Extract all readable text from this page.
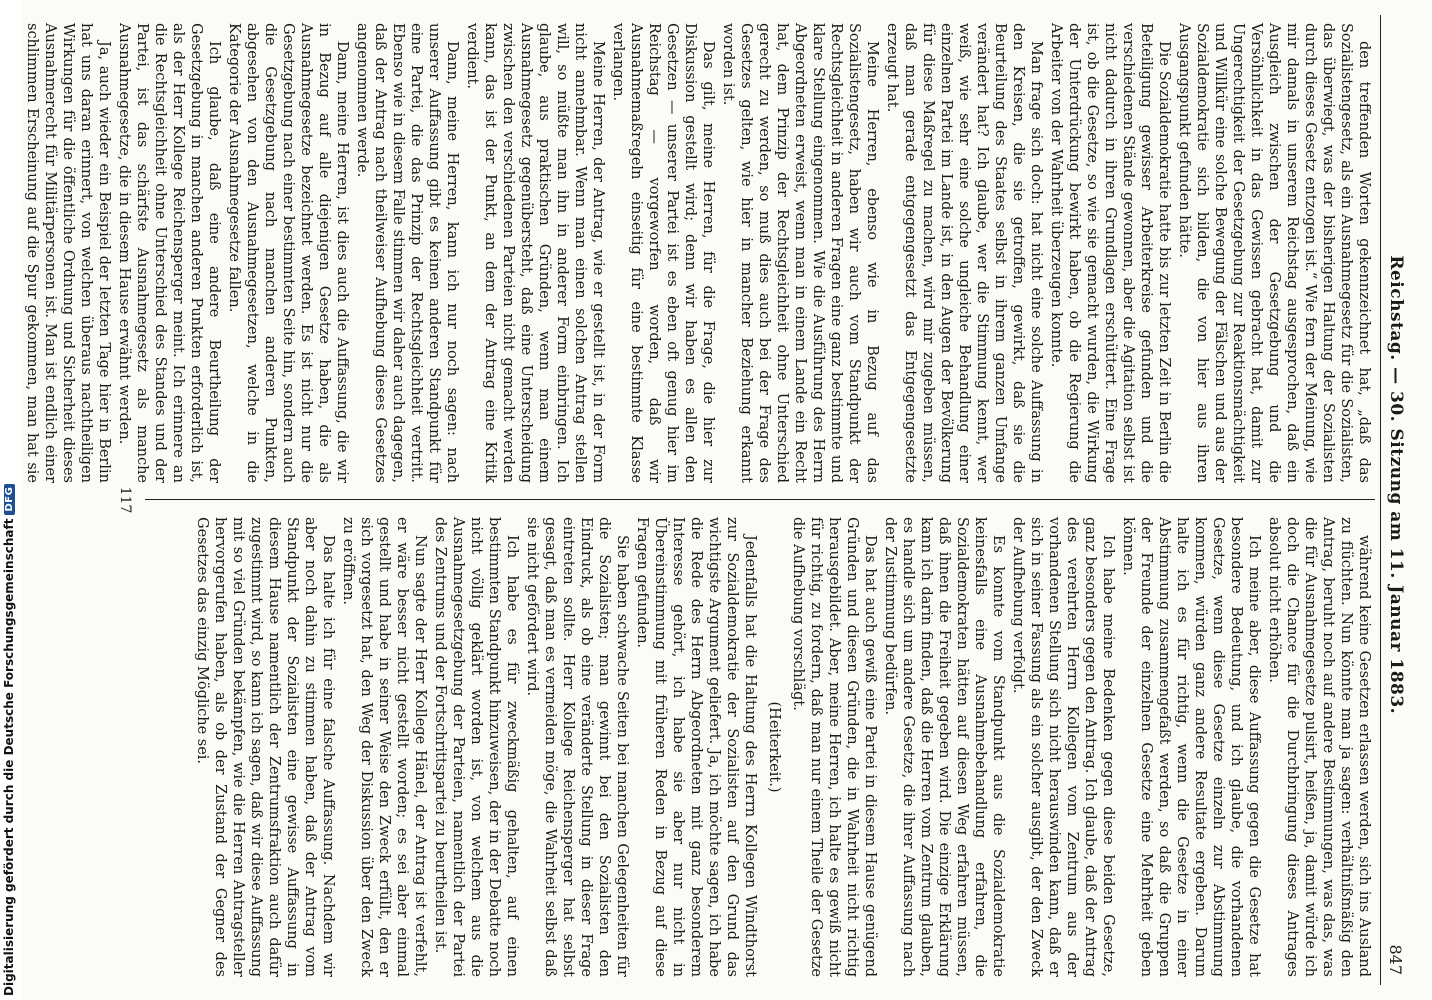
Reichstag. — 30. Sitzung am 11. Januar 1883.
847

den treffenden Worten gekennzeichnet hat, „daß das Sozialistengesetz, als ein Ausnahmegesetz für die Sozialisten, das überwiegt, was der bisherigen Haltung der Sozialisten durch dieses Gesetz entzogen ist.“ Wie fern der Meinung, wie mir damals in unserem Reichstag ausgesprochen, daß ein Ausgleich zwischen der Gesetzgebung und die Versöhnlichkeit in das Gewissen gebracht hat, damit zur Ungerechtigkeit der Gesetzgebung zur Reaktionsmächtigkeit und Willkür eine solche Bewegung der Fälschen und aus der Sozialdemokratie sich bilden, die von hier aus ihren Ausgangspunkt gefunden hätte.

Die Sozialdemokratie hatte bis zur letzten Zeit in Berlin die Beteiligung gewisser Arbeiterkreise gefunden und die verschiedenen Stände gewonnen, aber die Agitation selbst ist nicht dadurch in ihren Grundlagen erschüttert. Eine Frage ist, ob die Gesetze, so wie sie gemacht wurden, die Wirkung der Unterdrückung bewirkt haben, ob die Regierung die Arbeiter von der Wahrheit überzeugen konnte.

Man frage sich doch: hat nicht eine solche Auffassung in den Kreisen, die sie getroffen, gewirkt, daß sie die Beurteilung des Staates selbst in ihrem ganzen Umfange verändert hat? Ich glaube, wer die Stimmung kennt, wer weiß, wie sehr eine solche ungleiche Behandlung einer einzelnen Partei im Lande ist, in den Augen der Bevölkerung für diese Maßregel zu machen, wird mir zugeben müssen, daß man gerade entgegengesetzt das Entgegengesetzte erzeugt hat.

Meine Herren, ebenso wie in Bezug auf das Sozialistengesetz, haben wir auch vom Standpunkt der Rechtsgleichheit in anderen Fragen eine ganz bestimmte und klare Stellung eingenommen. Wie die Ausführung des Herrn Abgeordneten erweist, wenn man in einem Lande ein Recht hat, dem Prinzip der Rechtsgleichheit ohne Unterschied gerecht zu werden, so muß dies auch bei der Frage des Gesetzes gelten, wie hier in mancher Beziehung erkannt worden ist.

Das gilt, meine Herren, für die Frage, die hier zur Diskussion gestellt wird; denn wir haben es allen den Gesetzen — unserer Partei ist es eben oft genug hier im Reichstag — vorgeworfen worden, daß wir Ausnahmemaßregeln einseitig für eine bestimmte Klasse verlangen.

Meine Herren, der Antrag, wie er gestellt ist, in der Form nicht annehmbar. Wenn man einen solchen Antrag stellen will, so müßte man ihn in anderer Form einbringen. Ich glaube, aus praktischen Gründen, wenn man einem Ausnahmegesetz gegenübersteht, daß eine Unterscheidung zwischen den verschiedenen Parteien nicht gemacht werden kann, das ist der Punkt, an dem der Antrag eine Kritik verdient.

Dann, meine Herren, kann ich nur noch sagen: nach unserer Auffassung gibt es keinen anderen Standpunkt für eine Partei, die das Prinzip der Rechtsgleichheit vertritt. Ebenso wie in diesem Falle stimmen wir daher auch dagegen, daß der Antrag nach theilweiser Aufhebung dieses Gesetzes angenommen werde.

Dann, meine Herren, ist dies auch die Auffassung, die wir in Bezug auf alle diejenigen Gesetze haben, die als Ausnahmegesetze bezeichnet werden. Es ist nicht nur die Gesetzgebung nach einer bestimmten Seite hin, sondern auch die Gesetzgebung nach manchen anderen Punkten, abgesehen von den Ausnahmegesetzen, welche in die Kategorie der Ausnahmegesetze fallen.

Ich glaube, daß eine andere Beurtheilung der Gesetzgebung in manchen anderen Punkten erforderlich ist, als der Herr Kollege Reichensperger meint. Ich erinnere an die Rechtsgleichheit ohne Unterschied des Standes und der Partei, ist das schärfste Ausnahmegesetz als manche Ausnahmegesetze, die in diesem Hause erwähnt werden.

Ja, auch wieder ein Beispiel der letzten Tage hier in Berlin hat uns daran erinnert, von welchen überaus nachtheiligen Wirkungen für die öffentliche Ordnung und Sicherheit dieses Ausnahmerecht für Militärpersonen ist. Man ist endlich einer schlimmen Erscheinung auf die Spur gekommen, man hat sie

während keine Gesetzen erlassen werden, sich ins Ausland zu flüchten. Nun könnte man ja sagen: verhältnißmäßig den Antrag, beruht noch auf andere Bestimmungen, was das, was die für Ausnahmegesetze pulsirt, heißen, ja, damit würde ich doch die Chance für die Durchbringung dieses Antrages absolut nicht erhöhen.

Ich meine aber, diese Auffassung gegen die Gesetze hat besondere Bedeutung, und ich glaube, die vorhandenen Gesetze, wenn diese Gesetze einzeln zur Abstimmung kommen, würden ganz andere Resultate ergeben. Darum halte ich es für richtig, wenn die Gesetze in einer Abstimmung zusammengefaßt werden, so daß die Gruppen der Freunde der einzelnen Gesetze eine Mehrheit geben können.

Ich habe meine Bedenken gegen diese beiden Gesetze, ganz besonders gegen den Antrag. Ich glaube, daß der Antrag des verehrten Herrn Kollegen vom Zentrum aus der vorhandenen Stellung sich nicht herauswinden kann, daß er sich in seiner Fassung als ein solcher ausgibt, der den Zweck der Aufhebung verfolgt.

Es konnte vom Standpunkt aus die Sozialdemokratie keinesfalls eine Ausnahmebehandlung erfahren, die Sozialdemokraten hätten auf diesen Weg erfahren müssen, daß ihnen die Freiheit gegeben wird. Die einzige Erklärung kann ich darin finden, daß die Herren vom Zentrum glauben, es handle sich um andere Gesetze, die ihrer Auffassung nach der Zustimmung bedürfen.

Das hat auch gewiß eine Partei in diesem Hause genügend Gründen und diesen Gründen, die in Wahrheit nicht richtig herausgebildet. Aber, meine Herren, ich halte es gewiß nicht für richtig, zu fordern, daß man nur einem Theile der Gesetze die Aufhebung vorschlägt.

(Heiterkeit.)

Jedenfalls hat die Haltung des Herrn Kollegen Windthorst zur Sozialdemokratie der Sozialisten auf den Grund das wichtigste Argument geliefert. Ja, ich möchte sagen, ich habe die Rede des Herrn Abgeordneten mit ganz besonderem Interesse gehört, ich habe sie aber nur nicht in Übereinstimmung mit früheren Reden in Bezug auf diese Fragen gefunden.

Sie haben schwache Seiten bei manchen Gelegenheiten für die Sozialisten; man gewinnt bei den Sozialisten den Eindruck, als ob eine veränderte Stellung in dieser Frage eintreten sollte. Herr Kollege Reichensperger hat selbst gesagt, daß man es vermeiden möge, die Wahrheit selbst daß sie nicht gefördert wird.

Ich habe es für zweckmäßig gehalten, auf einen bestimmten Standpunkt hinzuweisen, der in der Debatte noch nicht völlig geklärt worden ist, von welchem aus die Ausnahmegesetzgebung der Parteien, namentlich der Partei des Zentrums und der Fortschrittspartei zu beurtheilen ist.

Nun sagte der Herr Kollege Hänel, der Antrag ist verfehlt, er wäre besser nicht gestellt worden; es sei aber einmal gestellt und habe in seiner Weise den Zweck erfüllt, den er sich vorgesetzt hat, den Weg der Diskussion über den Zweck zu eröffnen.

Das halte ich für eine falsche Auffassung. Nachdem wir aber noch dahin zu stimmen haben, daß der Antrag vom Standpunkt der Sozialisten eine gewisse Auffassung in diesem Hause namentlich der Zentrumsfraktion auch dafür zugestimmt wird, so kann ich sagen, daß wir diese Auffassung mit so viel Gründen bekämpfen, wie die Herren Antragsteller hervorgerufen haben, als ob der Zustand der Gegner des Gesetzes das einzig Mögliche sei.

117
Digitalisierung gefördert durch die Deutsche Forschungsgemeinschaft
DFG
